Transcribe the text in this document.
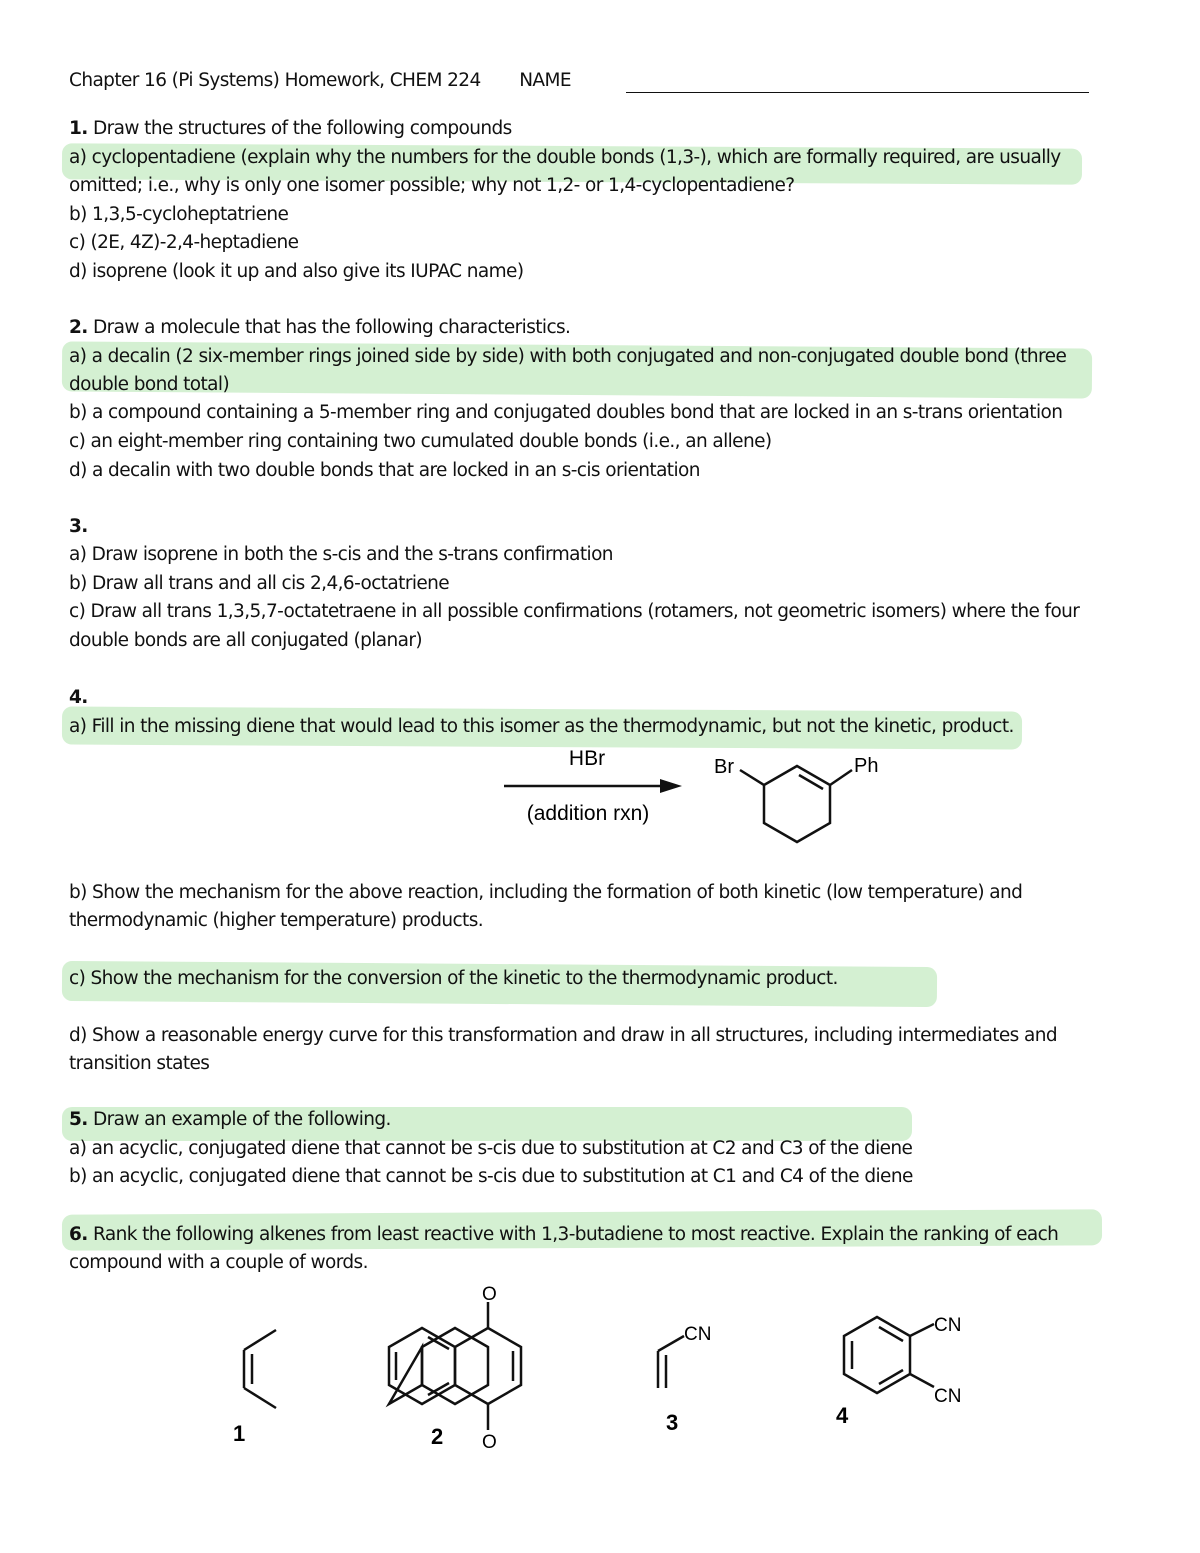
Chapter 16 (Pi Systems) Homework, CHEM 224 NAME
1. Draw the structures of the following compounds
a) cyclopentadiene (explain why the numbers for the double bonds (1,3-), which are formally required, are usually
omitted; i.e., why is only one isomer possible; why not 1,2- or 1,4-cyclopentadiene?
b) 1,3,5-cycloheptatriene
c) (2E, 4Z)-2,4-heptadiene
d) isoprene (look it up and also give its IUPAC name)
2. Draw a molecule that has the following characteristics.
a) a decalin (2 six-member rings joined side by side) with both conjugated and non-conjugated double bond (three
double bond total)
b) a compound containing a 5-member ring and conjugated doubles bond that are locked in an s-trans orientation
c) an eight-member ring containing two cumulated double bonds (i.e., an allene)
d) a decalin with two double bonds that are locked in an s-cis orientation
3.
a) Draw isoprene in both the s-cis and the s-trans confirmation
b) Draw all trans and all cis 2,4,6-octatriene
c) Draw all trans 1,3,5,7-octatetraene in all possible confirmations (rotamers, not geometric isomers) where the four
double bonds are all conjugated (planar)
4.
a) Fill in the missing diene that would lead to this isomer as the thermodynamic, but not the kinetic, product.
HBr
(addition rxn)
Br	Ph
b) Show the mechanism for the above reaction, including the formation of both kinetic (low temperature) and
thermodynamic (higher temperature) products.
c) Show the mechanism for the conversion of the kinetic to the thermodynamic product.
d) Show a reasonable energy curve for this transformation and draw in all structures, including intermediates and
transition states
5. Draw an example of the following.
a) an acyclic, conjugated diene that cannot be s-cis due to substitution at C2 and C3 of the diene
b) an acyclic, conjugated diene that cannot be s-cis due to substitution at C1 and C4 of the diene
6. Rank the following alkenes from least reactive with 1,3-butadiene to most reactive. Explain the ranking of each
compound with a couple of words.
1
O
O
2
CN
3
CN
CN
4
